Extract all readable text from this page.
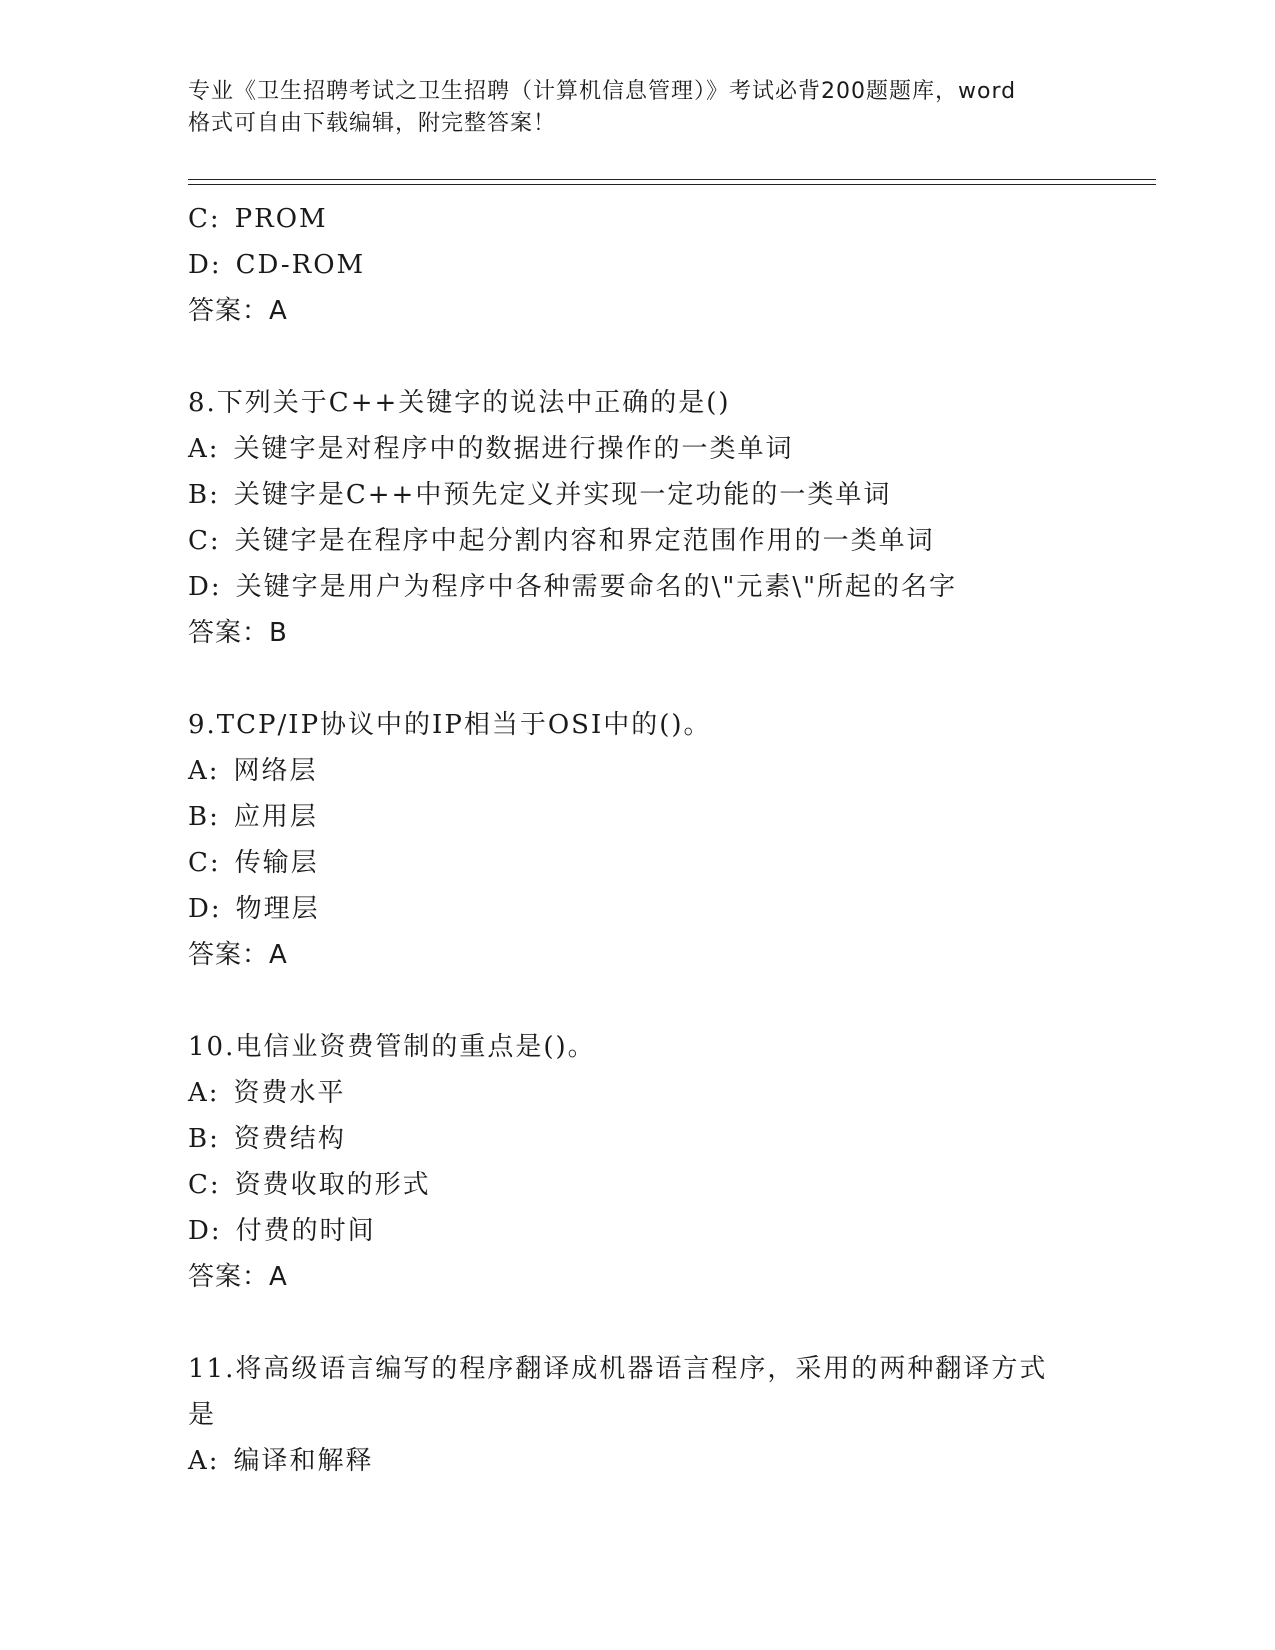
专业《卫生招聘考试之卫生招聘（计算机信息管理）》考试必背200题题库，word
格式可自由下载编辑，附完整答案！
C: PROM
D: CD-ROM
答案：A
8.下列关于C++关键字的说法中正确的是()
A: 关键字是对程序中的数据进行操作的一类单词
B: 关键字是C++中预先定义并实现一定功能的一类单词
C: 关键字是在程序中起分割内容和界定范围作用的一类单词
D: 关键字是用户为程序中各种需要命名的\"元素\"所起的名字
答案：B
9.TCP/IP协议中的IP相当于OSI中的()。
A: 网络层
B: 应用层
C: 传输层
D: 物理层
答案：A
10.电信业资费管制的重点是()。
A: 资费水平
B: 资费结构
C: 资费收取的形式
D: 付费的时间
答案：A
11.将高级语言编写的程序翻译成机器语言程序，采用的两种翻译方式
是
A: 编译和解释
